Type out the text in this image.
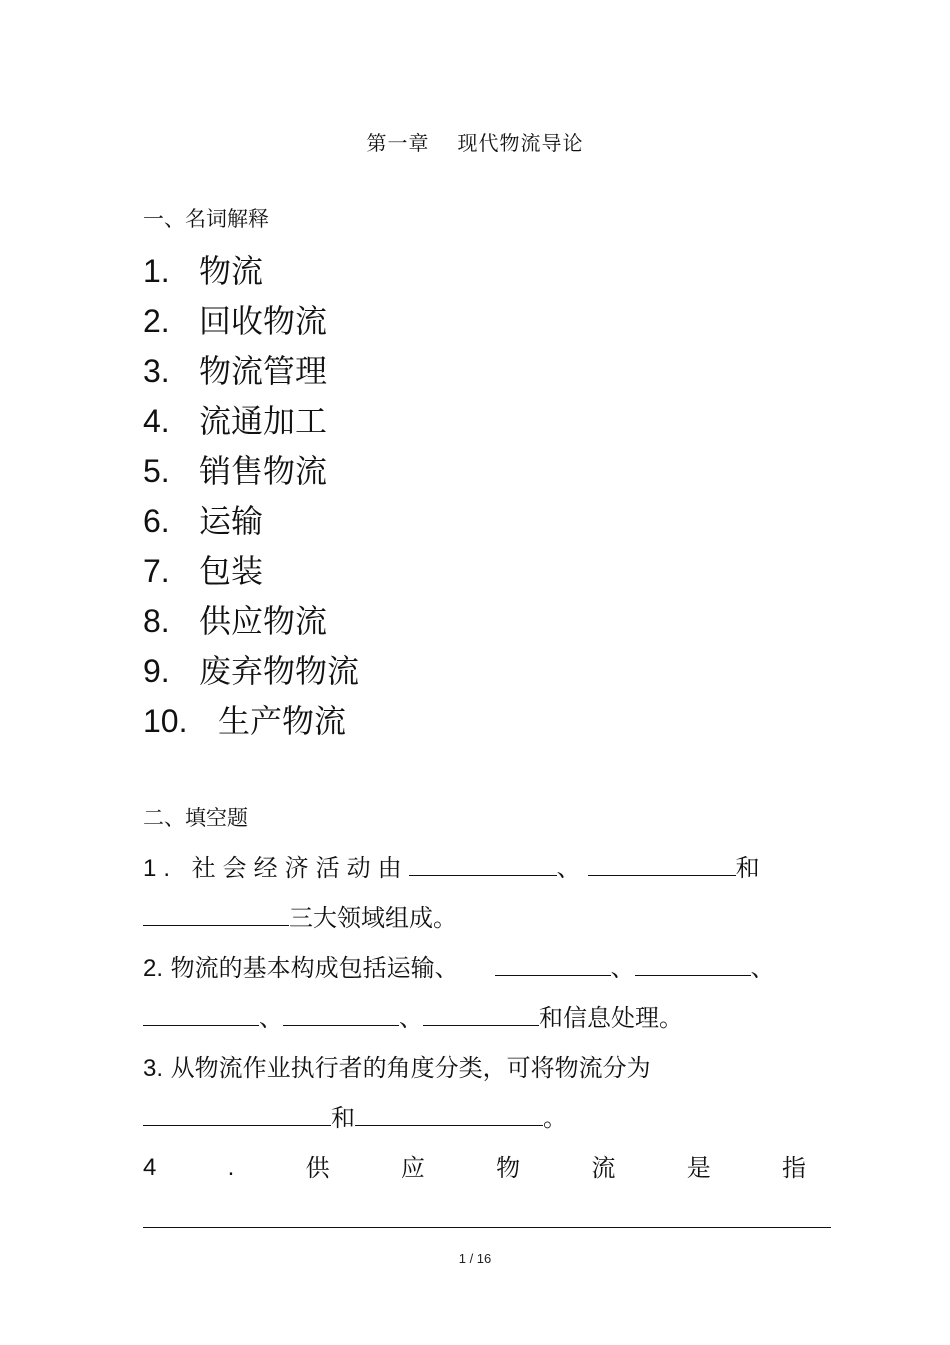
第一章 现代物流导论
一、名词解释
1. 物流
2. 回收物流
3. 物流管理
4. 流通加工
5. 销售物流
6. 运输
7. 包装
8. 供应物流
9. 废弃物物流
10. 生产物流
二、填空题
1. 社会经济活动由	、	和
三大领域组成。
2. 物流的基本构成包括运输、	、	、
、	、	和信息处理。
3. 从物流作业执行者的角度分类，可将物流分为
和	。
4	.	供	应	物	流	是	指
1 / 16
